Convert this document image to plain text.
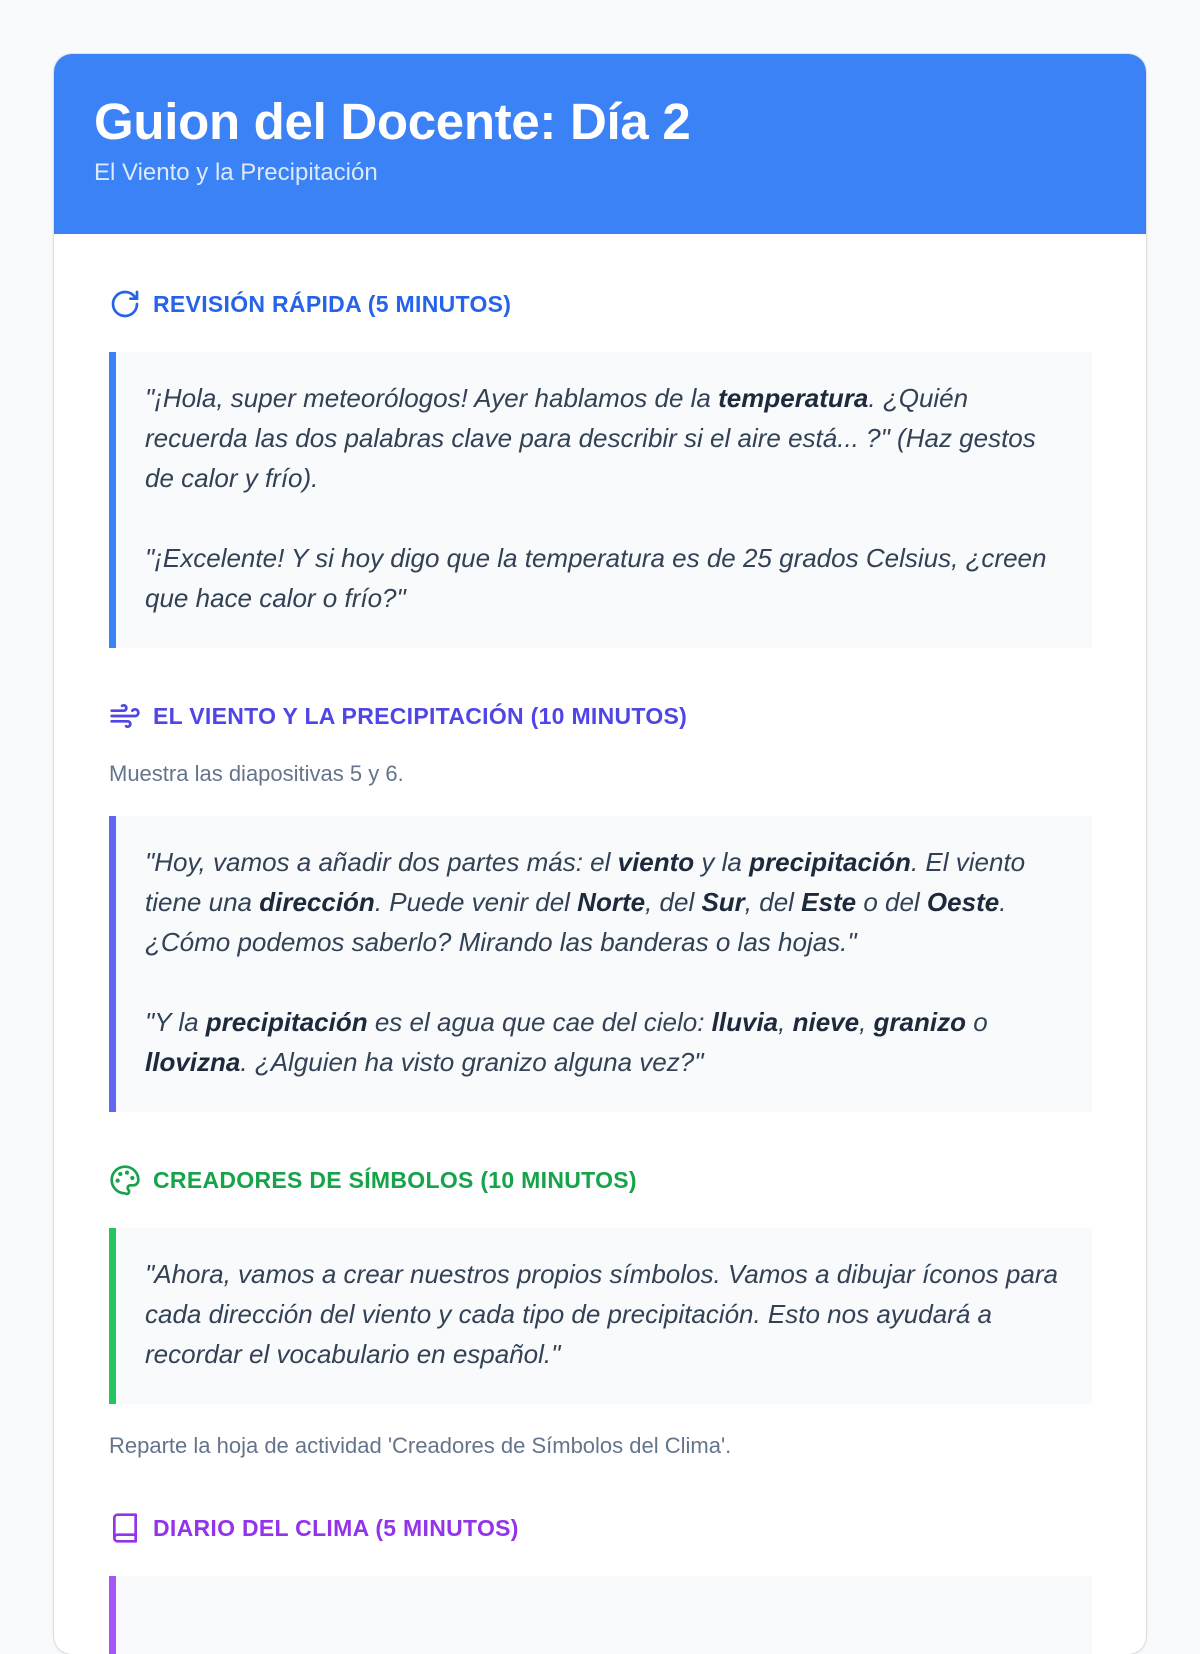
Guion del Docente: Día 2
El Viento y la Precipitación
REVISIÓN RÁPIDA (5 MINUTOS)

"¡Hola, super meteorólogos! Ayer hablamos de la temperatura. ¿Quién recuerda las dos palabras clave para describir si el aire está... ?" (Haz gestos de calor y frío).

"¡Excelente! Y si hoy digo que la temperatura es de 25 grados Celsius, ¿creen que hace calor o frío?"

EL VIENTO Y LA PRECIPITACIÓN (10 MINUTOS)
Muestra las diapositivas 5 y 6.

"Hoy, vamos a añadir dos partes más: el viento y la precipitación. El viento tiene una dirección. Puede venir del Norte, del Sur, del Este o del Oeste. ¿Cómo podemos saberlo? Mirando las banderas o las hojas."

"Y la precipitación es el agua que cae del cielo: lluvia, nieve, granizo o llovizna. ¿Alguien ha visto granizo alguna vez?"

CREADORES DE SÍMBOLOS (10 MINUTOS)

"Ahora, vamos a crear nuestros propios símbolos. Vamos a dibujar íconos para cada dirección del viento y cada tipo de precipitación. Esto nos ayudará a recordar el vocabulario en español."

Reparte la hoja de actividad 'Creadores de Símbolos del Clima'.
DIARIO DEL CLIMA (5 MINUTOS)
